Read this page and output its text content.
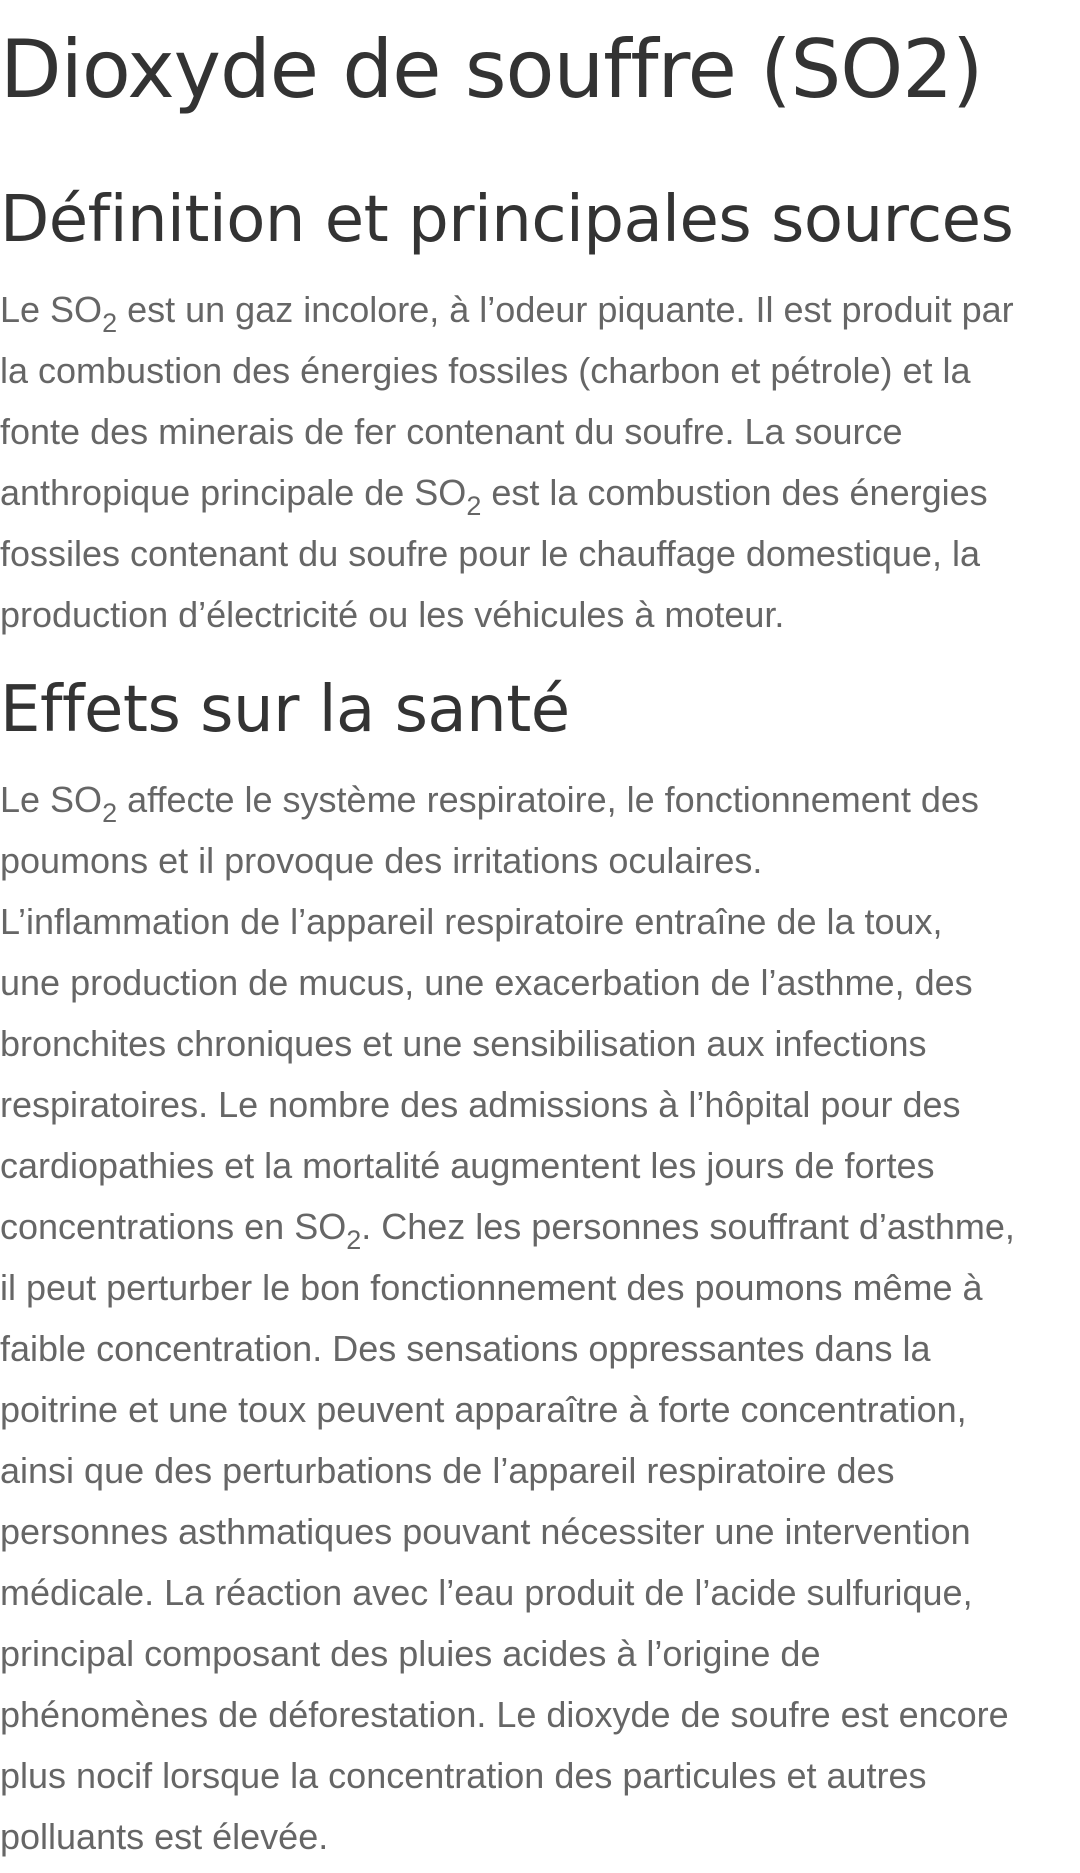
Dioxyde de souffre (SO2)
Définition et principales sources
Le $SO_2$ est un gaz incolore, à l’odeur piquante. Il est produit par
la combustion des énergies fossiles (charbon et pétrole) et la
fonte des minerais de fer contenant du soufre. La source
anthropique principale de $SO_2$ est la combustion des énergies
fossiles contenant du soufre pour le chauffage domestique, la
production d’électricité ou les véhicules à moteur.
Effets sur la santé
Le $SO_2$ affecte le système respiratoire, le fonctionnement des
poumons et il provoque des irritations oculaires.
L’inflammation de l’appareil respiratoire entraîne de la toux,
une production de mucus, une exacerbation de l’asthme, des
bronchites chroniques et une sensibilisation aux infections
respiratoires. Le nombre des admissions à l’hôpital pour des
cardiopathies et la mortalité augmentent les jours de fortes
concentrations en $SO_2$. Chez les personnes souffrant d’asthme,
il peut perturber le bon fonctionnement des poumons même à
faible concentration. Des sensations oppressantes dans la
poitrine et une toux peuvent apparaître à forte concentration,
ainsi que des perturbations de l’appareil respiratoire des
personnes asthmatiques pouvant nécessiter une intervention
médicale. La réaction avec l’eau produit de l’acide sulfurique,
principal composant des pluies acides à l’origine de
phénomènes de déforestation. Le dioxyde de soufre est encore
plus nocif lorsque la concentration des particules et autres
polluants est élevée.
